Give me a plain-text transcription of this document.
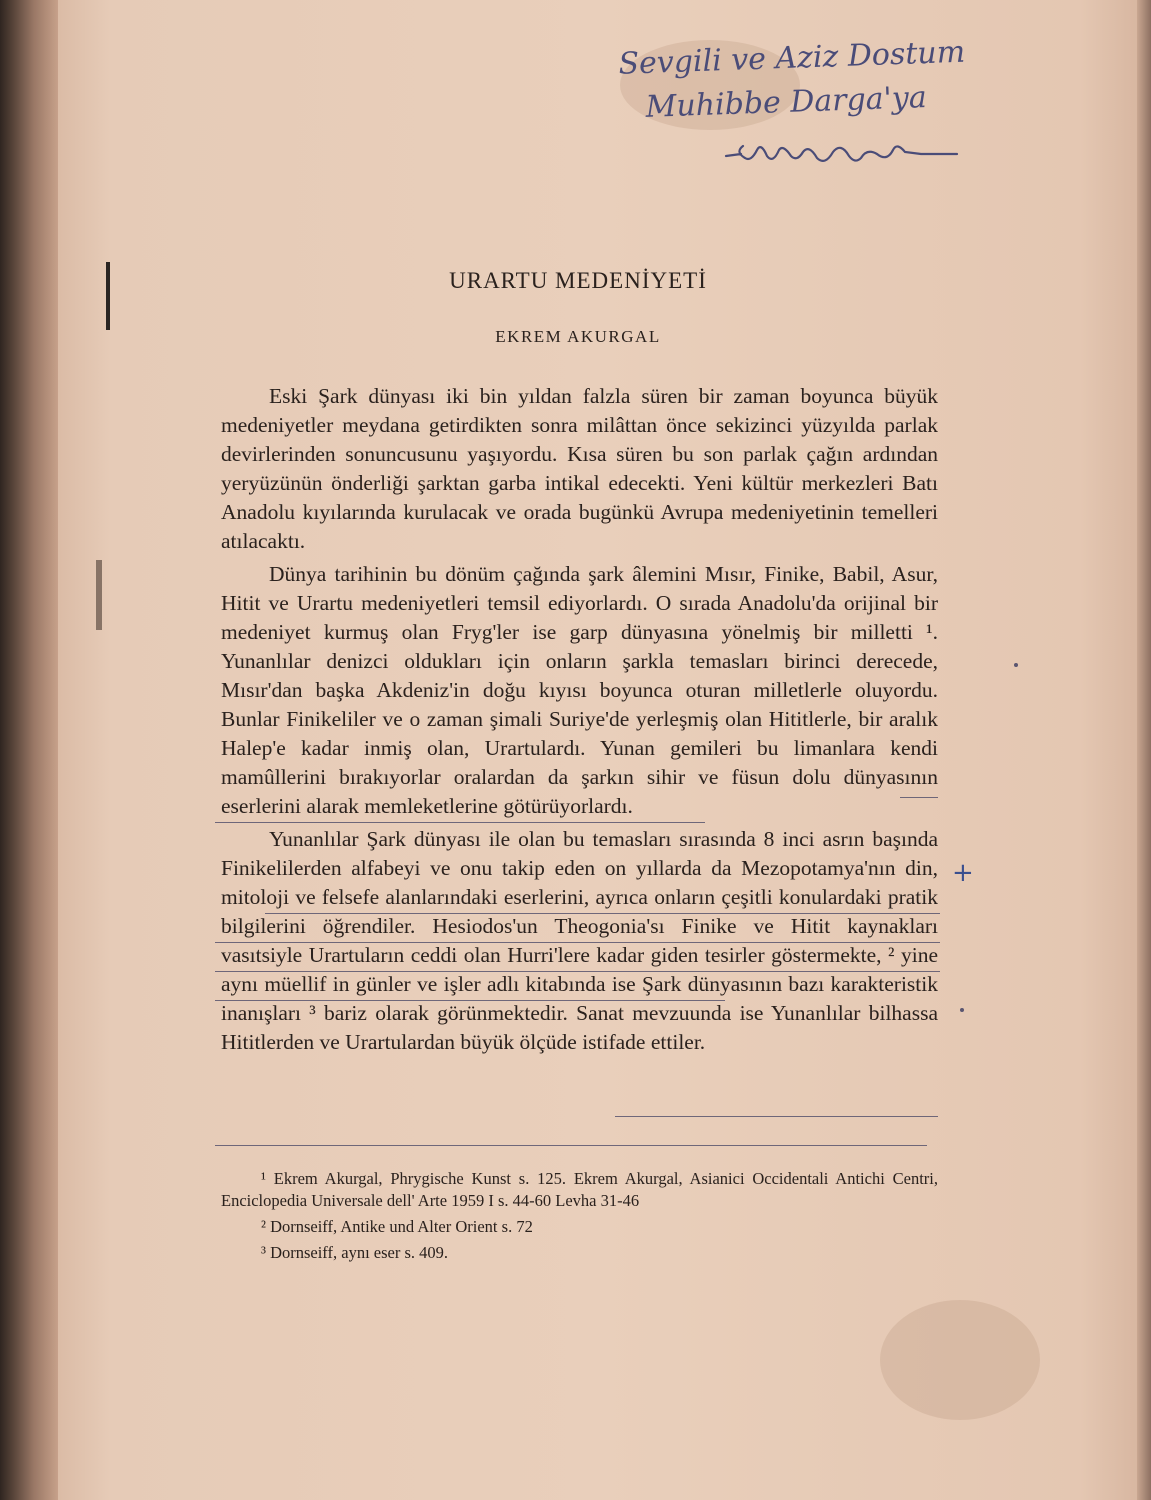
Sevgili ve Aziz Dostum
Muhibbe Darga'ya
URARTU MEDENİYETİ
EKREM AKURGAL

Eski Şark dünyası iki bin yıldan falzla süren bir zaman boyunca büyük medeniyetler meydana getirdikten sonra milâttan önce sekizinci yüzyılda parlak devirlerinden sonuncusunu yaşıyordu. Kısa süren bu son parlak çağın ardından yeryüzünün önderliği şarktan garba intikal edecekti. Yeni kültür merkezleri Batı Anadolu kıyılarında kurulacak ve orada bugünkü Avrupa medeniyetinin temelleri atılacaktı.

Dünya tarihinin bu dönüm çağında şark âlemini Mısır, Finike, Babil, Asur, Hitit ve Urartu medeniyetleri temsil ediyorlardı. O sırada Anadolu'da orijinal bir medeniyet kurmuş olan Fryg'ler ise garp dünyasına yönelmiş bir milletti ¹. Yunanlılar denizci oldukları için onların şarkla temasları birinci derecede, Mısır'dan başka Akdeniz'in doğu kıyısı boyunca oturan milletlerle oluyordu. Bunlar Finikeliler ve o zaman şimali Suriye'de yerleşmiş olan Hititlerle, bir aralık Halep'e kadar inmiş olan, Urartulardı. Yunan gemileri bu limanlara kendi mamûllerini bırakıyorlar oralardan da şarkın sihir ve füsun dolu dünyasının eserlerini alarak memleketlerine götürüyorlardı.

Yunanlılar Şark dünyası ile olan bu temasları sırasında 8 inci asrın başında Finikelilerden alfabeyi ve onu takip eden on yıllarda da Mezopotamya'nın din, mitoloji ve felsefe alanlarındaki eserlerini, ayrıca onların çeşitli konulardaki pratik bilgilerini öğrendiler. Hesiodos'un Theogonia'sı Finike ve Hitit kaynakları vasıtsiyle Urartuların ceddi olan Hurri'lere kadar giden tesirler göstermekte, ² yine aynı müellif in günler ve işler adlı kitabında ise Şark dünyasının bazı karakteristik inanışları ³ bariz olarak görünmektedir. Sanat mevzuunda ise Yunanlılar bilhassa Hititlerden ve Urartulardan büyük ölçüde istifade ettiler.

+

¹ Ekrem Akurgal, Phrygische Kunst s. 125. Ekrem Akurgal, Asianici Occidentali Antichi Centri, Enciclopedia Universale dell' Arte 1959 I s. 44-60 Levha 31-46

² Dornseiff, Antike und Alter Orient s. 72

³ Dornseiff, aynı eser s. 409.
